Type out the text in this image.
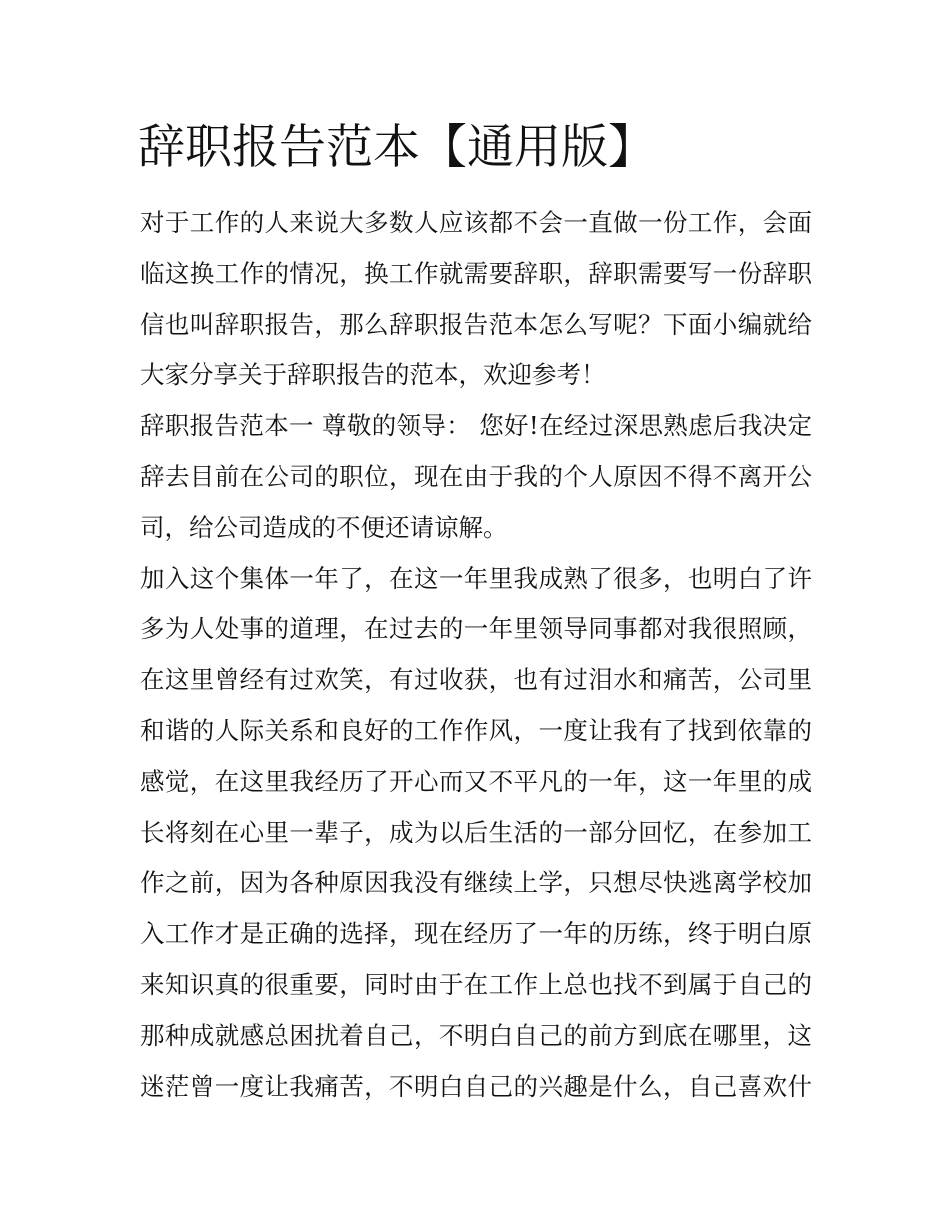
辞职报告范本【通用版】
对于工作的人来说大多数人应该都不会一直做一份工作，会面
临这换工作的情况，换工作就需要辞职，辞职需要写一份辞职
信也叫辞职报告，那么辞职报告范本怎么写呢？下面小编就给
大家分享关于辞职报告的范本，欢迎参考！
辞职报告范本一 尊敬的领导： 您好!在经过深思熟虑后我决定
辞去目前在公司的职位，现在由于我的个人原因不得不离开公
司，给公司造成的不便还请谅解。
加入这个集体一年了，在这一年里我成熟了很多，也明白了许
多为人处事的道理，在过去的一年里领导同事都对我很照顾，
在这里曾经有过欢笑，有过收获，也有过泪水和痛苦，公司里
和谐的人际关系和良好的工作作风，一度让我有了找到依靠的
感觉，在这里我经历了开心而又不平凡的一年，这一年里的成
长将刻在心里一辈子，成为以后生活的一部分回忆，在参加工
作之前，因为各种原因我没有继续上学，只想尽快逃离学校加
入工作才是正确的选择，现在经历了一年的历练，终于明白原
来知识真的很重要，同时由于在工作上总也找不到属于自己的
那种成就感总困扰着自己，不明白自己的前方到底在哪里，这
迷茫曾一度让我痛苦，不明白自己的兴趣是什么，自己喜欢什
